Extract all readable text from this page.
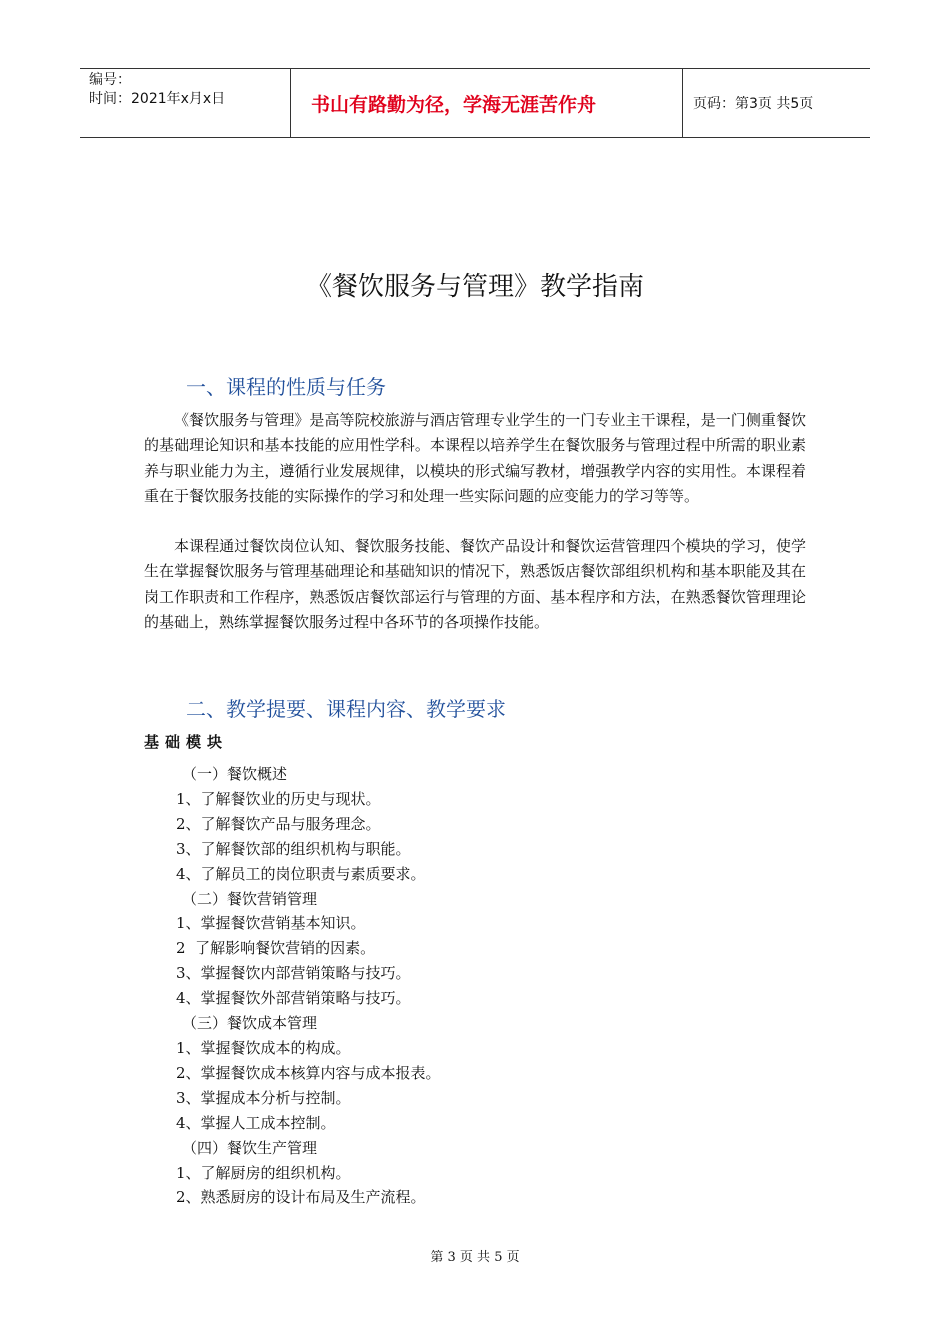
编号：
时间：2021年x月x日	书山有路勤为径，学海无涯苦作舟	页码：第3页 共5页
《餐饮服务与管理》教学指南
一、课程的性质与任务

《餐饮服务与管理》是高等院校旅游与酒店管理专业学生的一门专业主干课程，是一门侧重餐饮的基础理论知识和基本技能的应用性学科。本课程以培养学生在餐饮服务与管理过程中所需的职业素养与职业能力为主，遵循行业发展规律，以模块的形式编写教材，增强教学内容的实用性。本课程着重在于餐饮服务技能的实际操作的学习和处理一些实际问题的应变能力的学习等等。

本课程通过餐饮岗位认知、餐饮服务技能、餐饮产品设计和餐饮运营管理四个模块的学习，使学生在掌握餐饮服务与管理基础理论和基础知识的情况下，熟悉饭店餐饮部组织机构和基本职能及其在岗工作职责和工作程序，熟悉饭店餐饮部运行与管理的方面、基本程序和方法，在熟悉餐饮管理理论的基础上，熟练掌握餐饮服务过程中各环节的各项操作技能。

二、教学提要、课程内容、教学要求
基础模块
（一）餐饮概述
1、了解餐饮业的历史与现状。
2、了解餐饮产品与服务理念。
3、了解餐饮部的组织机构与职能。
4、了解员工的岗位职责与素质要求。
（二）餐饮营销管理
1、掌握餐饮营销基本知识。
2  了解影响餐饮营销的因素。
3、掌握餐饮内部营销策略与技巧。
4、掌握餐饮外部营销策略与技巧。
（三）餐饮成本管理
1、掌握餐饮成本的构成。
2、掌握餐饮成本核算内容与成本报表。
3、掌握成本分析与控制。
4、掌握人工成本控制。
（四）餐饮生产管理
1、了解厨房的组织机构。
2、熟悉厨房的设计布局及生产流程。
第 3 页 共 5 页
